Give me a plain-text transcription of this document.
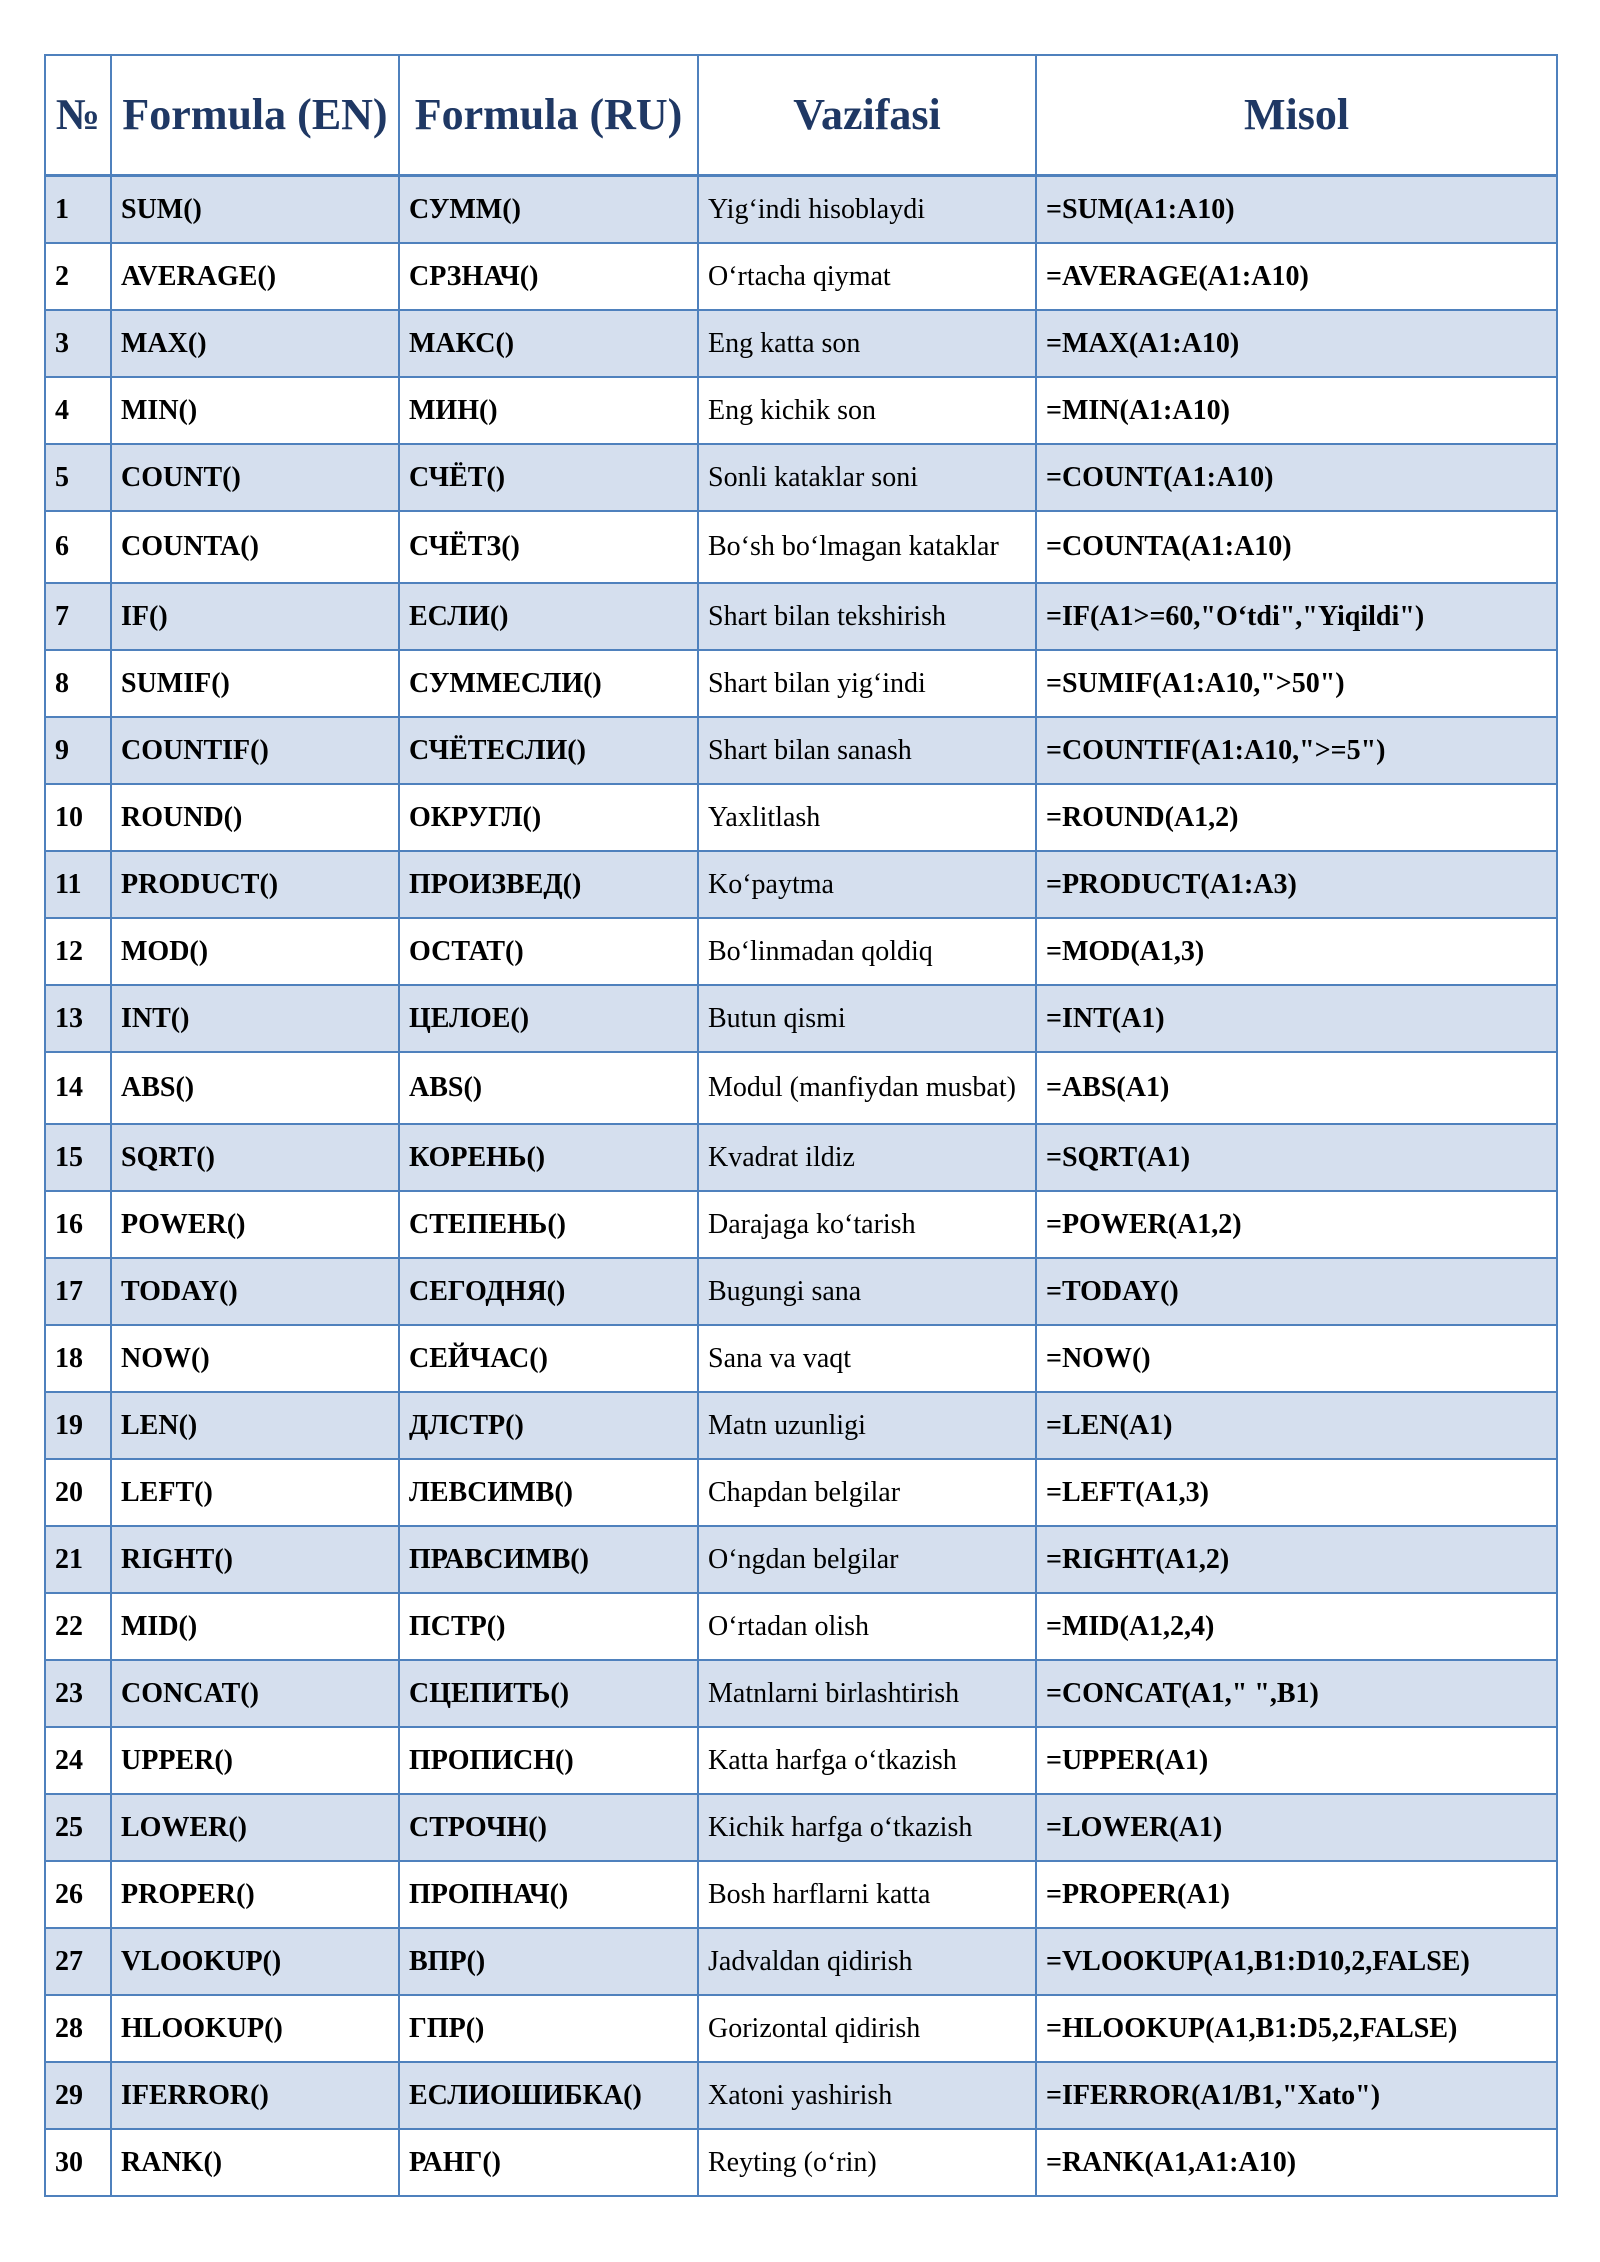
№	Formula (EN)	Formula (RU)	Vazifasi	Misol
1	SUM()	СУММ()	Yig‘indi hisoblaydi	=SUM(A1:A10)
2	AVERAGE()	СРЗНАЧ()	O‘rtacha qiymat	=AVERAGE(A1:A10)
3	MAX()	МАКС()	Eng katta son	=MAX(A1:A10)
4	MIN()	МИН()	Eng kichik son	=MIN(A1:A10)
5	COUNT()	СЧЁТ()	Sonli kataklar soni	=COUNT(A1:A10)
6	COUNTA()	СЧЁТЗ()	Bo‘sh bo‘lmagan kataklar	=COUNTA(A1:A10)
7	IF()	ЕСЛИ()	Shart bilan tekshirish	=IF(A1>=60,"O‘tdi","Yiqildi")
8	SUMIF()	СУММЕСЛИ()	Shart bilan yig‘indi	=SUMIF(A1:A10,">50")
9	COUNTIF()	СЧЁТЕСЛИ()	Shart bilan sanash	=COUNTIF(A1:A10,">=5")
10	ROUND()	ОКРУГЛ()	Yaxlitlash	=ROUND(A1,2)
11	PRODUCT()	ПРОИЗВЕД()	Ko‘paytma	=PRODUCT(A1:A3)
12	MOD()	ОСТАТ()	Bo‘linmadan qoldiq	=MOD(A1,3)
13	INT()	ЦЕЛОЕ()	Butun qismi	=INT(A1)
14	ABS()	ABS()	Modul (manfiydan musbat)	=ABS(A1)
15	SQRT()	КОРЕНЬ()	Kvadrat ildiz	=SQRT(A1)
16	POWER()	СТЕПЕНЬ()	Darajaga ko‘tarish	=POWER(A1,2)
17	TODAY()	СЕГОДНЯ()	Bugungi sana	=TODAY()
18	NOW()	СЕЙЧАС()	Sana va vaqt	=NOW()
19	LEN()	ДЛСТР()	Matn uzunligi	=LEN(A1)
20	LEFT()	ЛЕВСИМВ()	Chapdan belgilar	=LEFT(A1,3)
21	RIGHT()	ПРАВСИМВ()	O‘ngdan belgilar	=RIGHT(A1,2)
22	MID()	ПСТР()	O‘rtadan olish	=MID(A1,2,4)
23	CONCAT()	СЦЕПИТЬ()	Matnlarni birlashtirish	=CONCAT(A1," ",B1)
24	UPPER()	ПРОПИСН()	Katta harfga o‘tkazish	=UPPER(A1)
25	LOWER()	СТРОЧН()	Kichik harfga o‘tkazish	=LOWER(A1)
26	PROPER()	ПРОПНАЧ()	Bosh harflarni katta	=PROPER(A1)
27	VLOOKUP()	ВПР()	Jadvaldan qidirish	=VLOOKUP(A1,B1:D10,2,FALSE)
28	HLOOKUP()	ГПР()	Gorizontal qidirish	=HLOOKUP(A1,B1:D5,2,FALSE)
29	IFERROR()	ЕСЛИОШИБКА()	Xatoni yashirish	=IFERROR(A1/B1,"Xato")
30	RANK()	РАНГ()	Reyting (o‘rin)	=RANK(A1,A1:A10)
